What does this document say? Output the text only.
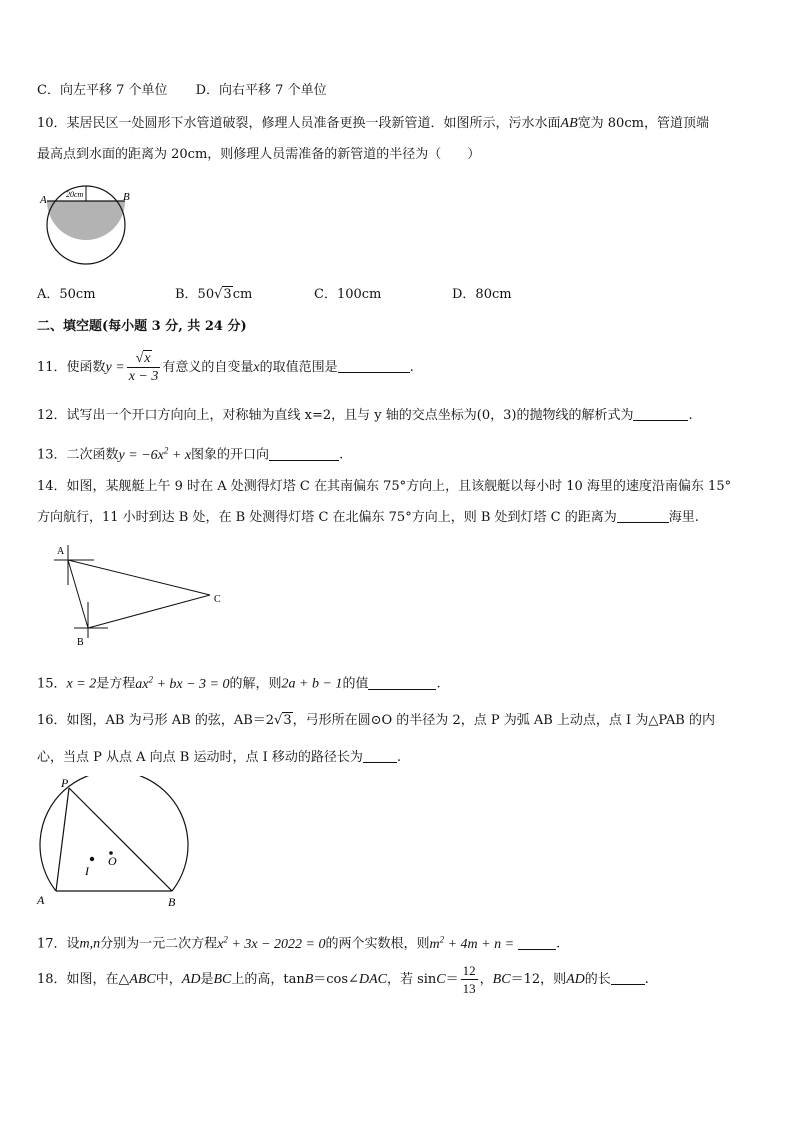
C．向左平移 7 个单位 D．向右平移 7 个单位
10．某居民区一处圆形下水管道破裂，修理人员准备更换一段新管道．如图所示，污水水面AB宽为 80cm，管道顶端
最高点到水面的距离为 20cm，则修理人员需准备的新管道的半径为（　　）
A	B
20cm
A．50cm	B．50√3cm	C．100cm	D．80cm
二、填空题(每小题 3 分, 共 24 分)
11．使函数$y = \frac{√x}{x - 3}$ 有意义的自变量x的取值范围是	.
12．试写出一个开口方向向上，对称轴为直线 x=2，且与 y 轴的交点坐标为(0，3)的抛物线的解析式为	.
13．二次函数$y = -6x^2 + x$图象的开口向	.
14．如图，某舰艇上午 9 时在 A 处测得灯塔 C 在其南偏东 75°方向上，且该舰艇以每小时 10 海里的速度沿南偏东 15°
方向航行，11 小时到达 B 处，在 B 处测得灯塔 C 在北偏东 75°方向上，则 B 处到灯塔 C 的距离为	海里.
A
B
C
15．x = 2是方程$ax^2$ + bx − 3 = 0的解，则2a + b − 1的值	.
16．如图，AB 为弓形 AB 的弦，AB＝2√3，弓形所在圆⊙O 的半径为 2，点 P 为弧 AB 上动点，点 I 为△PAB 的内
心，当点 P 从点 A 向点 B 运动时，点 I 移动的路径长为	.
P
A	B
I
O
17．设m,n分别为一元二次方程$x^2 + 3x - 2022 = 0$的两个实数根，则$m^2 + 4m + n$ =	.
18．如图，在△ABC中，AD是BC上的高，tanB＝cos∠DAC，若 $\sin C= \frac{12}{13}$ ，BC＝12，则AD的长	.
